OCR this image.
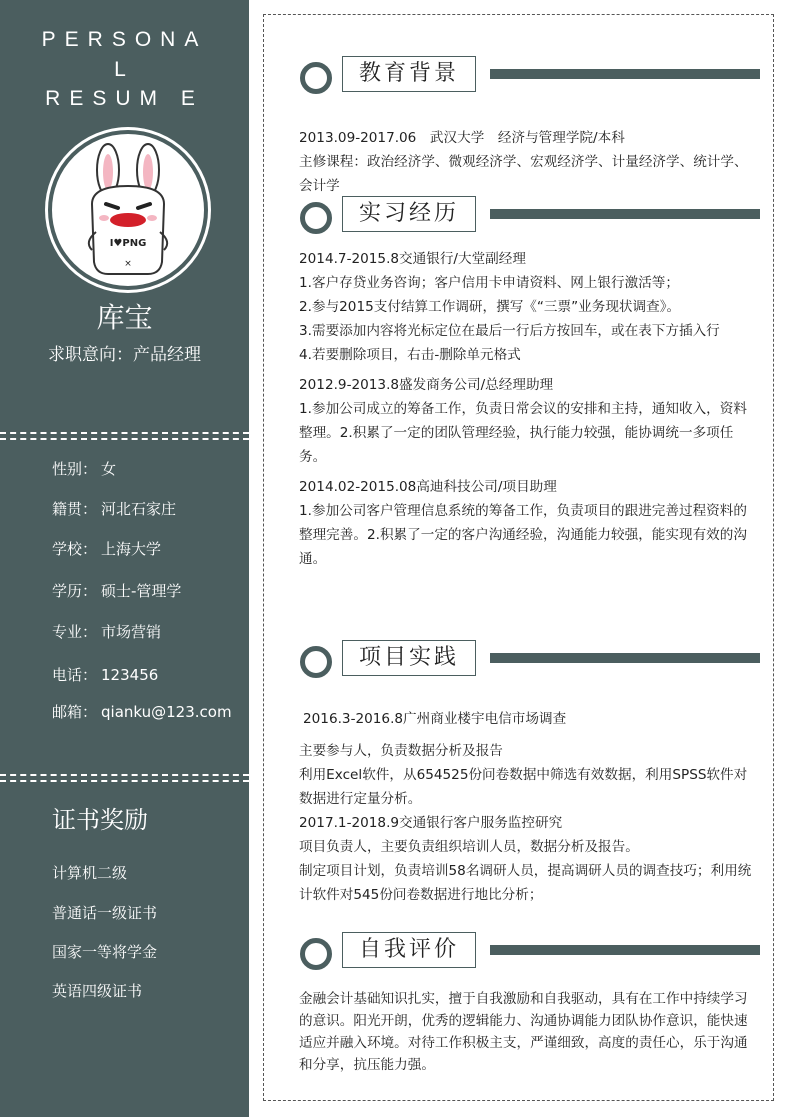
PERSONA
L
RESUM E
I♥PNG
×
库宝
求职意向：产品经理
性别： 女
籍贯： 河北石家庄
学校： 上海大学
学历： 硕士-管理学
专业： 市场营销
电话： 123456
邮箱： qianku@123.com
证书奖励
计算机二级
普通话一级证书
国家一等将学金
英语四级证书
教育背景

2013.09-2017.06　武汉大学　经济与管理学院/本科

主修课程：政治经济学、微观经济学、宏观经济学、计量经济学、统计学、会计学

实习经历

2014.7-2015.8交通银行/大堂副经理

1.客户存贷业务咨询；客户信用卡申请资料、网上银行激活等；

2.参与2015支付结算工作调研，撰写《“三票”业务现状调查》。

3.需要添加内容将光标定位在最后一行后方按回车，或在表下方插入行

4.若要删除项目，右击-删除单元格式

2012.9-2013.8盛发商务公司/总经理助理

1.参加公司成立的筹备工作，负责日常会议的安排和主持，通知收入，资料整理。2.积累了一定的团队管理经验，执行能力较强，能协调统一多项任务。

2014.02-2015.08高迪科技公司/项目助理

1.参加公司客户管理信息系统的筹备工作，负责项目的跟进完善过程资料的整理完善。2.积累了一定的客户沟通经验，沟通能力较强，能实现有效的沟通。

项目实践

2016.3-2016.8广州商业楼宇电信市场调查

主要参与人，负责数据分析及报告

利用Excel软件，从654525份问卷数据中筛选有效数据，利用SPSS软件对数据进行定量分析。

2017.1-2018.9交通银行客户服务监控研究

项目负责人，主要负责组织培训人员，数据分析及报告。

制定项目计划，负责培训58名调研人员，提高调研人员的调查技巧；利用统计软件对545份问卷数据进行地比分析；

自我评价

金融会计基础知识扎实，擅于自我激励和自我驱动，具有在工作中持续学习的意识。阳光开朗，优秀的逻辑能力、沟通协调能力团队协作意识，能快速适应并融入环境。对待工作积极主支，严谨细致，高度的责任心，乐于沟通和分享，抗压能力强。
